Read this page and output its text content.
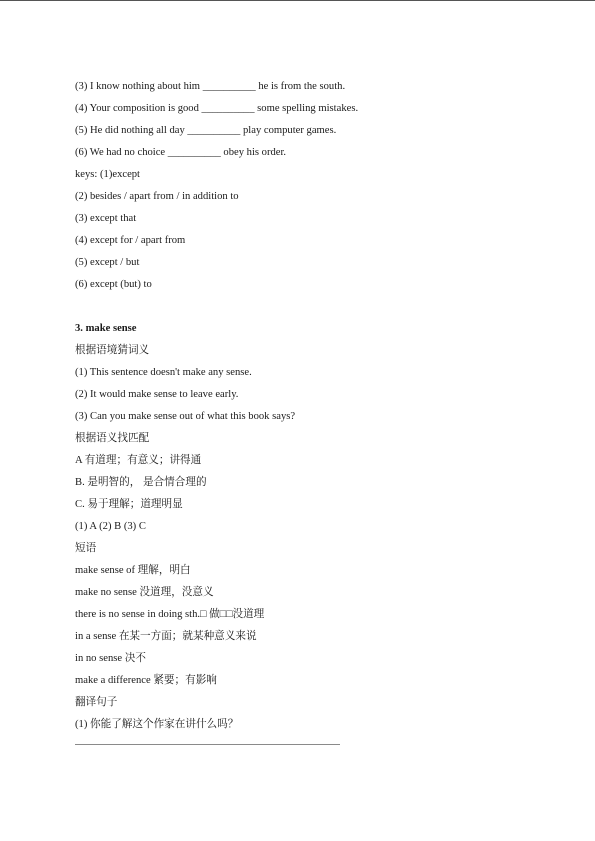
(3) I know nothing about him __________ he is from the south.
(4) Your composition is good __________ some spelling mistakes.
(5) He did nothing all day __________ play computer games.
(6) We had no choice __________ obey his order.
keys: (1)except
(2) besides / apart from / in addition to
(3) except that
(4) except for / apart from
(5) except / but
(6) except (but) to
3. make sense
根据语境猜词义
(1) This sentence doesn't make any sense.
(2) It would make sense to leave early.
(3) Can you make sense out of what this book says?
根据语义找匹配
A 有道理；有意义；讲得通
B. 是明智的， 是合情合理的
C. 易于理解；道理明显
(1) A (2) B (3) C
短语
make sense of 理解，明白
make no sense 没道理，没意义
there is no sense in doing sth.□ 做□□没道理
in a sense 在某一方面；就某种意义来说
in no sense 决不
make a difference 紧要；有影响
翻译句子
(1) 你能了解这个作家在讲什么吗？
